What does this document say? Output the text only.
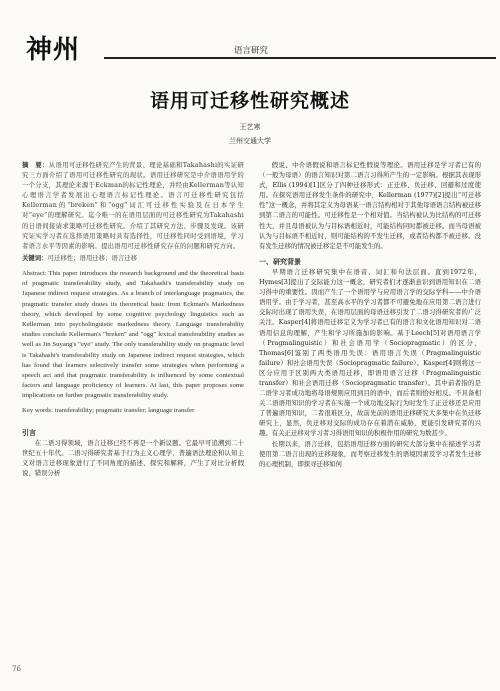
神州	语言研究
语用可迁移性研究概述
王艺寒
兰州交通大学
摘　要：从语用可迁移性研究产生的背景、理论基础和Takahashi的实证研究三方面介绍了语用可迁移性研究的现状。语用迁移研究是中介语语用学的一个分支，其理论来源于Eckman的标记性理论，并经由Kellerman等认知心理语言学者发展出心理语言标记性理论。语言可迁移性研究包括Kellerman的“breken”和“ogg”词汇可迁移性实验及在日本学生对“eye”的理解研究。迄今唯一的在语用层面的可迁移性研究为Takahashi的日语间接请求策略可迁移性研究。介绍了其研究方法、步骤及发现。该研究证实学习者在选择语用策略时具有选择性，可迁移性同时受到语境，学习者语言水平等因素的影响。提出语用可迁移性研究存在的问题和研究方向。
关键词：可迁移性；语用迁移；语言迁移
Abstract: This paper introduces the research background and the theoretical basis of pragmatic transferability study, and Takahashi's transferability study on Japanese indirect request strategies. As a branch of interlanguage pragmatics, the pragmatic transfer study draws its theoretical basic from Eckman's Markedness theory, which developed by some cognitive psychology linguistics such as Kellerman into psycholinguistic markedness theory. Language transferability studies conclude Kellerman's "breken" and "ogg" lexical transferability studies as well as Jin Suyang's "eye" study. The only transferability study on pragmatic level is Takahashi's transferability study on Japanese indirect request strategies, which has found that learners selectively transfer some strategies when performing a speech act and that pragmatic transferability is influenced by some contextual factors and language proficiency of learners. At last, this paper proposes some implications on further pragmatic transferability study.
Key words: transferability; pragmatic transfer; language transfer
引言

在二语习得领域，语言迁移已经不再是一个新议题。它最早可追溯到二十世纪五十年代。二语习得研究者基于行为主义心理学，普遍语法理论和认知主义对语言迁移现象进行了不同角度的描述、探究和解释，产生了对比分析假说、错误分析

假说、中介语假说和语言标记性假说等理论。语用迁移是学习者已有的（一般为母语）的语言知识对第二语言习得所产生的一定影响。根据其表现形式，Ellis (1994)[1]区分了四种迁移形式：正迁移、负迁移、回避和过度使用。在探究语用迁移发生条件的研究中，Kellerman (1977)[2]提出“可迁移性”这一概念，并将其定义为母语某一语言结构相对于其他母语语言结构被迁移到第二语言的可能性。可迁移性是一个相对值。当结构被认为比结构的可迁移性大，并且母语被认为与目标语相近时，可能结构同时都被迁移。而当母语被认为与目标语不相近时，则可能结构的不发生迁移，或者结构都不被迁移。没有发生迁移的情况被迁移定是不可能发生的。

一、研究背景

早期语言迁移研究集中在语音、词汇和句法层面。直到1972年，Hymes[3]提出了交际能力这一概念，研究者们才逐渐意识到语用知识在二语习得中的重要性。因而产生了一个语用学与应用语言学的交际学科——中介语语用学。由于学习者，甚至高水平的学习者都不可避免地在应用第二语言进行交际时出现了语用失误，在语用层面的母语迁移引发了二语习得研究者的广泛关注。Kasper[4]将语用迁移定义为学习者已有的语言和文化语用知识对二语语用信息的理解，产生和学习所施加的影响。基于Leech[5]对语用语言学（Pragmalinguistic）和社会语用学（Sociopragmatic）的区分，Thomas[6]鉴别了两类语用失误：语用语言失误（Pragmalinguistic failure）和社会语用失误（Sociopragmatic failure）。Kasper[4]则将这一区分应用于区别两大类语用迁移，即语用语言迁移（Pragmalinguistic transfer）和社会语用迁移（Sociopragmatic transfer）。其中前者指的是二语学习者成功地将母语规则应用到目的语中，而后者则恰好相反。不具备相关二语语用知识的学习者在实施一个成功地交际行为时发生了正迁移还是应用了普遍语用知识，二者很难区分，故前先前的语用迁移研究大多集中在负迁移研究上，显然，负迁移对交际的成功存在着潜在威胁，更能引发研究者的兴趣。有关正迁移对学习者习得语用知识的积极作用的研究为数甚少。

长期以来，语言迁移，包括语用迁移方面的研究大部分集中在描述学习者使用第二语言出现的迁移现象，而考察迁移发生的语境因素及学习者发生迁移的心理机制，即探寻迁移如何

76
